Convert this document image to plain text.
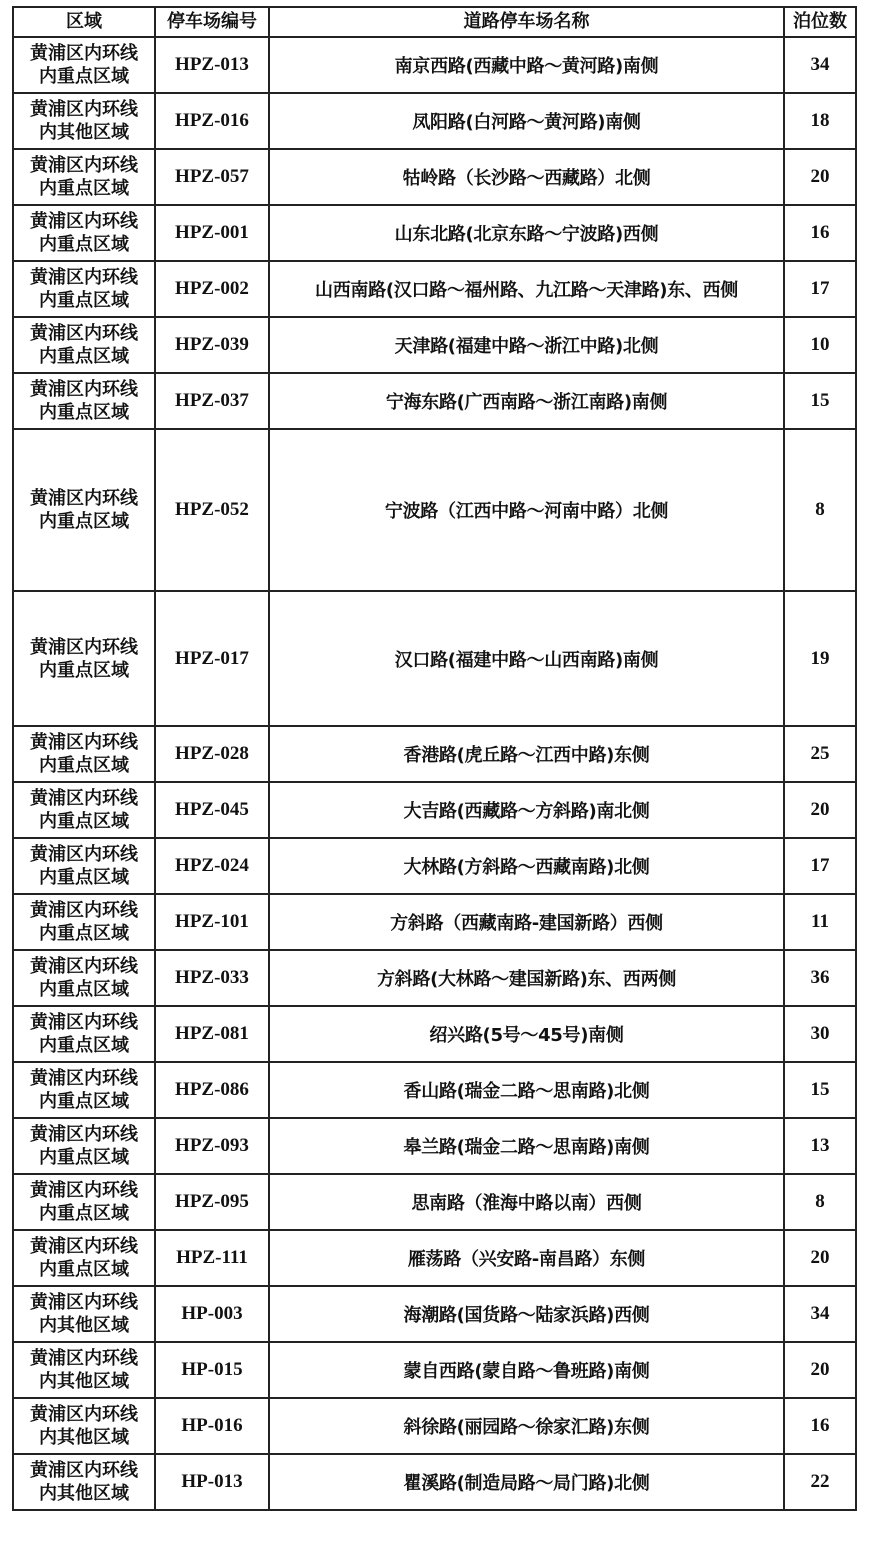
区域	停车场编号	道路停车场名称	泊位数
黄浦区内环线
内重点区域	HPZ-013	南京西路(西藏中路～黄河路)南侧	34
黄浦区内环线
内其他区域	HPZ-016	凤阳路(白河路～黄河路)南侧	18
黄浦区内环线
内重点区域	HPZ-057	牯岭路（长沙路～西藏路）北侧	20
黄浦区内环线
内重点区域	HPZ-001	山东北路(北京东路～宁波路)西侧	16
黄浦区内环线
内重点区域	HPZ-002	山西南路(汉口路～福州路、九江路～天津路)东、西侧	17
黄浦区内环线
内重点区域	HPZ-039	天津路(福建中路～浙江中路)北侧	10
黄浦区内环线
内重点区域	HPZ-037	宁海东路(广西南路～浙江南路)南侧	15
黄浦区内环线
内重点区域	HPZ-052	宁波路（江西中路～河南中路）北侧	8
黄浦区内环线
内重点区域	HPZ-017	汉口路(福建中路～山西南路)南侧	19
黄浦区内环线
内重点区域	HPZ-028	香港路(虎丘路～江西中路)东侧	25
黄浦区内环线
内重点区域	HPZ-045	大吉路(西藏路～方斜路)南北侧	20
黄浦区内环线
内重点区域	HPZ-024	大林路(方斜路～西藏南路)北侧	17
黄浦区内环线
内重点区域	HPZ-101	方斜路（西藏南路-建国新路）西侧	11
黄浦区内环线
内重点区域	HPZ-033	方斜路(大林路～建国新路)东、西两侧	36
黄浦区内环线
内重点区域	HPZ-081	绍兴路(5号～45号)南侧	30
黄浦区内环线
内重点区域	HPZ-086	香山路(瑞金二路～思南路)北侧	15
黄浦区内环线
内重点区域	HPZ-093	皋兰路(瑞金二路～思南路)南侧	13
黄浦区内环线
内重点区域	HPZ-095	思南路（淮海中路以南）西侧	8
黄浦区内环线
内重点区域	HPZ-111	雁荡路（兴安路-南昌路）东侧	20
黄浦区内环线
内其他区域	HP-003	海潮路(国货路～陆家浜路)西侧	34
黄浦区内环线
内其他区域	HP-015	蒙自西路(蒙自路～鲁班路)南侧	20
黄浦区内环线
内其他区域	HP-016	斜徐路(丽园路～徐家汇路)东侧	16
黄浦区内环线
内其他区域	HP-013	瞿溪路(制造局路～局门路)北侧	22
